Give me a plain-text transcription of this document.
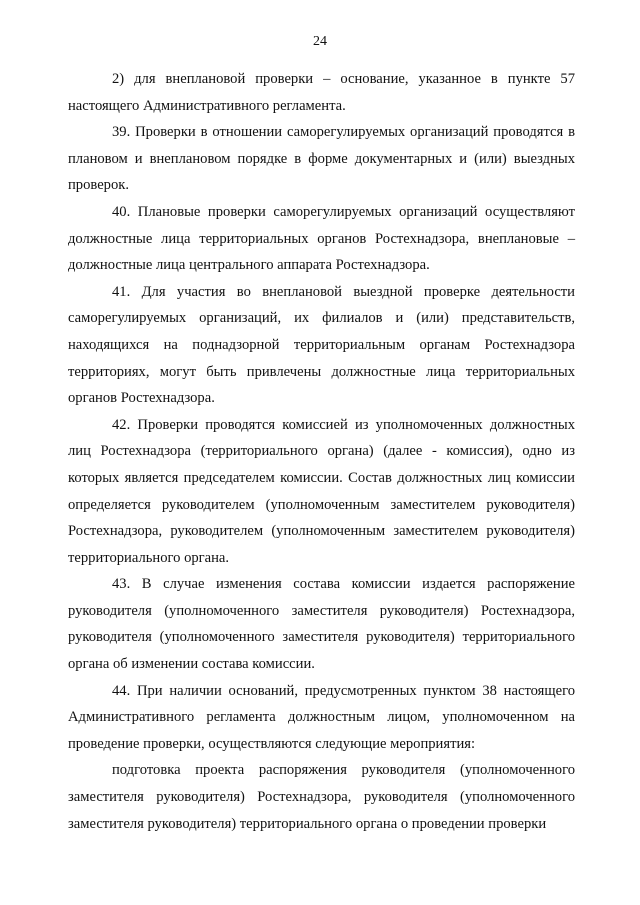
24

2) для внеплановой проверки – основание, указанное в пункте 57 настоящего Административного регламента.

39. Проверки в отношении саморегулируемых организаций проводятся в плановом и внеплановом порядке в форме документарных и (или) выездных проверок.

40. Плановые проверки саморегулируемых организаций осуществляют должностные лица территориальных органов Ростехнадзора, внеплановые – должностные лица центрального аппарата Ростехнадзора.

41. Для участия во внеплановой выездной проверке деятельности саморегулируемых организаций, их филиалов и (или) представительств, находящихся на поднадзорной территориальным органам Ростехнадзора территориях, могут быть привлечены должностные лица территориальных органов Ростехнадзора.

42. Проверки проводятся комиссией из уполномоченных должностных лиц Ростехнадзора (территориального органа) (далее - комиссия), одно из которых является председателем комиссии. Состав должностных лиц комиссии определяется руководителем (уполномоченным заместителем руководителя) Ростехнадзора, руководителем (уполномоченным заместителем руководителя) территориального органа.

43. В случае изменения состава комиссии издается распоряжение руководителя (уполномоченного заместителя руководителя) Ростехнадзора, руководителя (уполномоченного заместителя руководителя) территориального органа об изменении состава комиссии.

44. При наличии оснований, предусмотренных пунктом 38 настоящего Административного регламента должностным лицом, уполномоченном на проведение проверки, осуществляются следующие мероприятия:

подготовка проекта распоряжения руководителя (уполномоченного заместителя руководителя) Ростехнадзора, руководителя (уполномоченного заместителя руководителя) территориального органа о проведении проверки
